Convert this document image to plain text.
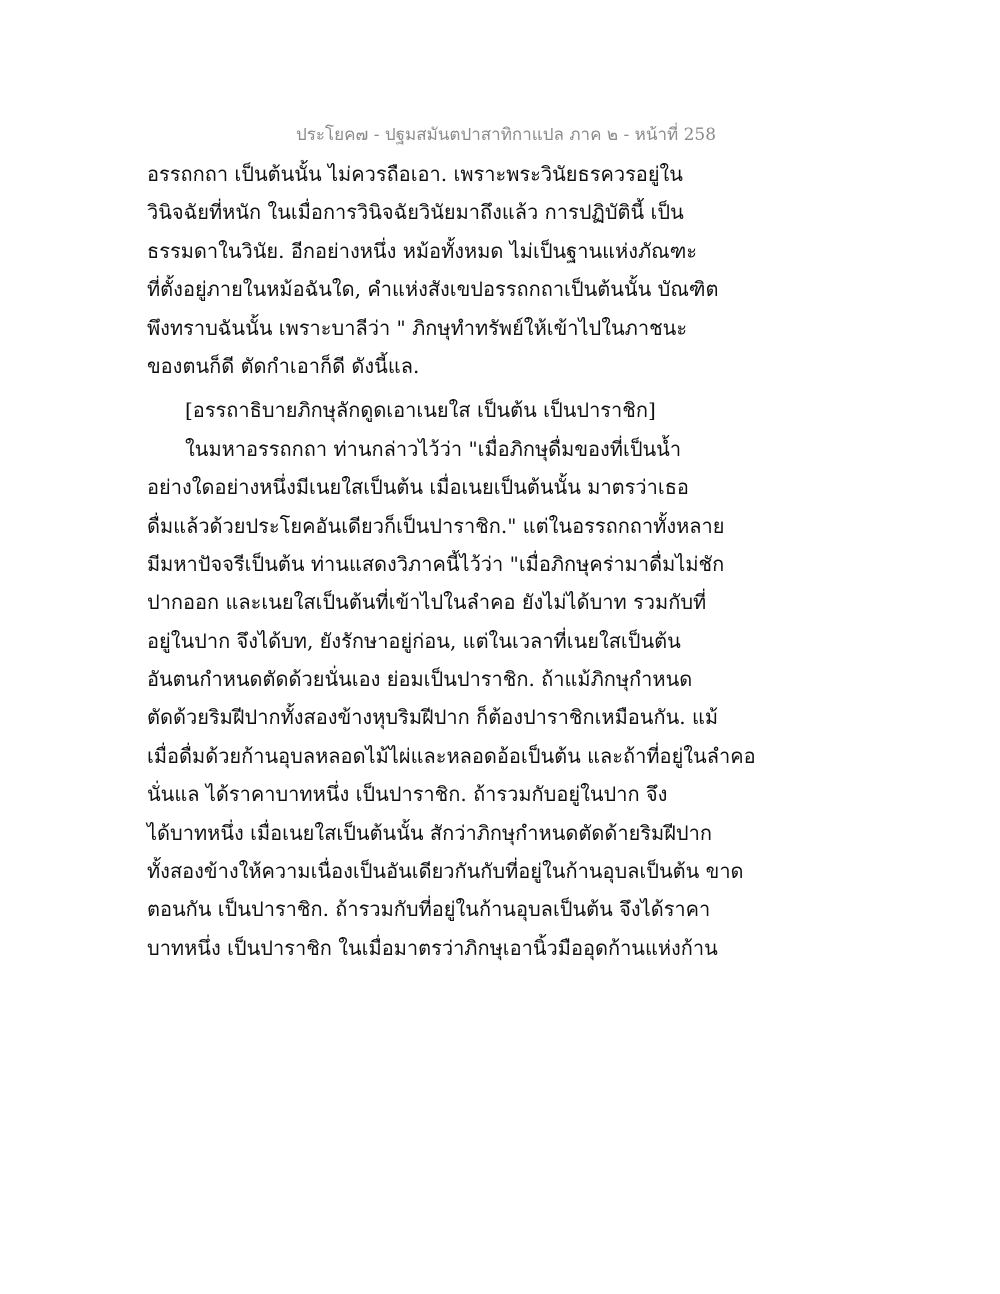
ประโยค๗ - ปฐมสมันตปาสาทิกาแปล ภาค ๒ - หน้าที่ 258
อรรถกถา เป็นต้นนั้น ไม่ควรถือเอา. เพราะพระวินัยธรควรอยู่ใน
วินิจฉัยที่หนัก ในเมื่อการวินิจฉัยวินัยมาถึงแล้ว การปฏิบัตินี้ เป็น
ธรรมดาในวินัย. อีกอย่างหนึ่ง หม้อทั้งหมด ไม่เป็นฐานแห่งภัณฑะ
ที่ตั้งอยู่ภายในหม้อฉันใด, คำแห่งสังเขปอรรถกถาเป็นต้นนั้น บัณฑิต
พึงทราบฉันนั้น เพราะบาลีว่า " ภิกษุทำทรัพย์ให้เข้าไปในภาชนะ
ของตนก็ดี ตัดกำเอาก็ดี ดังนี้แล.
[อรรถาธิบายภิกษุลักดูดเอาเนยใส เป็นต้น เป็นปาราชิก]
ในมหาอรรถกถา ท่านกล่าวไว้ว่า "เมื่อภิกษุดื่มของที่เป็นน้ำ
อย่างใดอย่างหนึ่งมีเนยใสเป็นต้น เมื่อเนยเป็นต้นนั้น มาตรว่าเธอ
ดื่มแล้วด้วยประโยคอันเดียวก็เป็นปาราชิก." แต่ในอรรถกถาทั้งหลาย
มีมหาปัจจรีเป็นต้น ท่านแสดงวิภาคนี้ไว้ว่า "เมื่อภิกษุคร่ามาดื่มไม่ชัก
ปากออก และเนยใสเป็นต้นที่เข้าไปในลำคอ ยังไม่ได้บาท รวมกับที่
อยู่ในปาก จึงได้บท, ยังรักษาอยู่ก่อน, แต่ในเวลาที่เนยใสเป็นต้น
อันตนกำหนดตัดด้วยนั่นเอง ย่อมเป็นปาราชิก. ถ้าแม้ภิกษุกำหนด
ตัดด้วยริมฝีปากทั้งสองข้างหุบริมฝีปาก ก็ต้องปาราชิกเหมือนกัน. แม้
เมื่อดื่มด้วยก้านอุบลหลอดไม้ไผ่และหลอดอ้อเป็นต้น และถ้าที่อยู่ในลำคอ
นั่นแล ได้ราคาบาทหนึ่ง เป็นปาราชิก. ถ้ารวมกับอยู่ในปาก จึง
ได้บาทหนึ่ง เมื่อเนยใสเป็นต้นนั้น สักว่าภิกษุกำหนดตัดด้ายริมฝีปาก
ทั้งสองข้างให้ความเนื่องเป็นอันเดียวกันกับที่อยู่ในก้านอุบลเป็นต้น ขาด
ตอนกัน เป็นปาราชิก. ถ้ารวมกับที่อยู่ในก้านอุบลเป็นต้น จึงได้ราคา
บาทหนึ่ง เป็นปาราชิก ในเมื่อมาตรว่าภิกษุเอานิ้วมืออุดก้านแห่งก้าน
